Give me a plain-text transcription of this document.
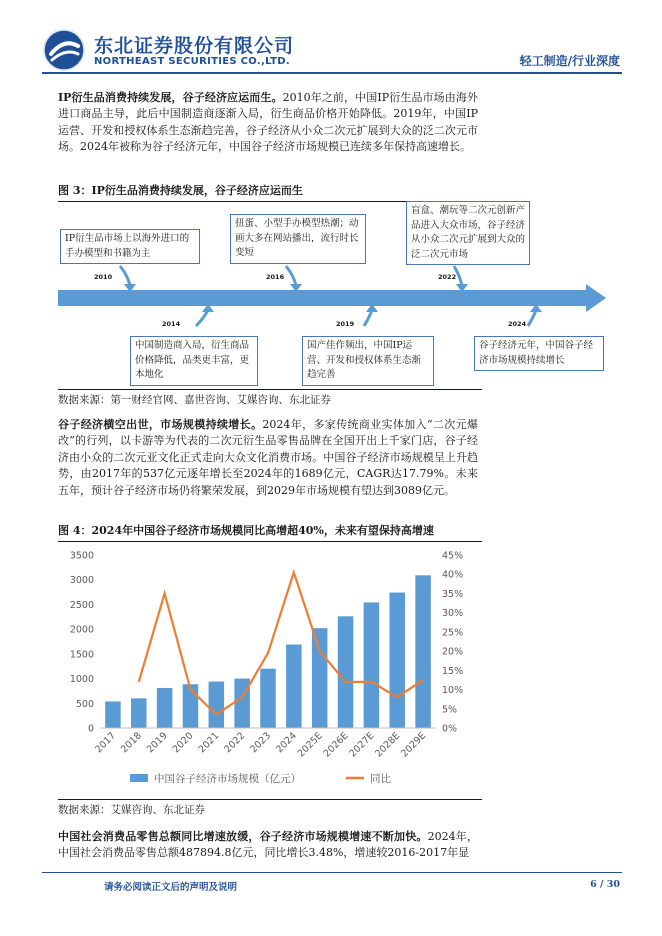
东北证券股份有限公司
NORTHEAST SECURITIES CO.,LTD.	轻工制造/行业深度
IP衍生品消费持续发展，谷子经济应运而生。2010年之前，中国IP衍生品市场由海外进口商品主导，此后中国制造商逐渐入局，衍生商品价格开始降低。2019年，中国IP运营、开发和授权体系生态渐趋完善，谷子经济从小众二次元扩展到大众的泛二次元市场。2024年被称为谷子经济元年，中国谷子经济市场规模已连续多年保持高速增长。
图 3：IP衍生品消费持续发展，谷子经济应运而生
2010
2014
2016
2019
2022
2024
IP衍生品市场上以海外进口的手办模型和书籍为主
中国制造商入局，衍生商品价格降低，品类更丰富，更本地化
扭蛋、小型手办模型热潮；动画大多在网站播出，流行时长变短
国产佳作频出，中国IP运营、开发和授权体系生态渐趋完善
盲盒、潮玩等二次元创新产品进入大众市场，谷子经济从小众二次元扩展到大众的泛二次元市场
谷子经济元年，中国谷子经济市场规模持续增长
数据来源：第一财经官网、嘉世咨询、艾媒咨询、东北证券
谷子经济横空出世，市场规模持续增长。2024年，多家传统商业实体加入“二次元爆改”的行列，以卡游等为代表的二次元衍生品零售品牌在全国开出上千家门店，谷子经济由小众的二次元亚文化正式走向大众文化消费市场。中国谷子经济市场规模呈上升趋势，由2017年的537亿元逐年增长至2024年的1689亿元，CAGR达17.79%。未来五年，预计谷子经济市场仍将繁荣发展，到2029年市场规模有望达到3089亿元。
图 4：2024年中国谷子经济市场规模同比高增超40%，未来有望保持高增速
0
500
1000
1500
2000
2500
3000
3500
0%
5%
10%
15%
20%
25%
30%
35%
40%
45%
2017 2018 2019 2020 2021 2022 2023 2024
2025E
2026E
2027E
2028E
2029E
中国谷子经济市场规模（亿元）	同比
数据来源：艾媒咨询、东北证券
中国社会消费品零售总额同比增速放缓，谷子经济市场规模增速不断加快。2024年，中国社会消费品零售总额487894.8亿元，同比增长3.48%，增速较2016-2017年显
请务必阅读正文后的声明及说明	6 / 30
